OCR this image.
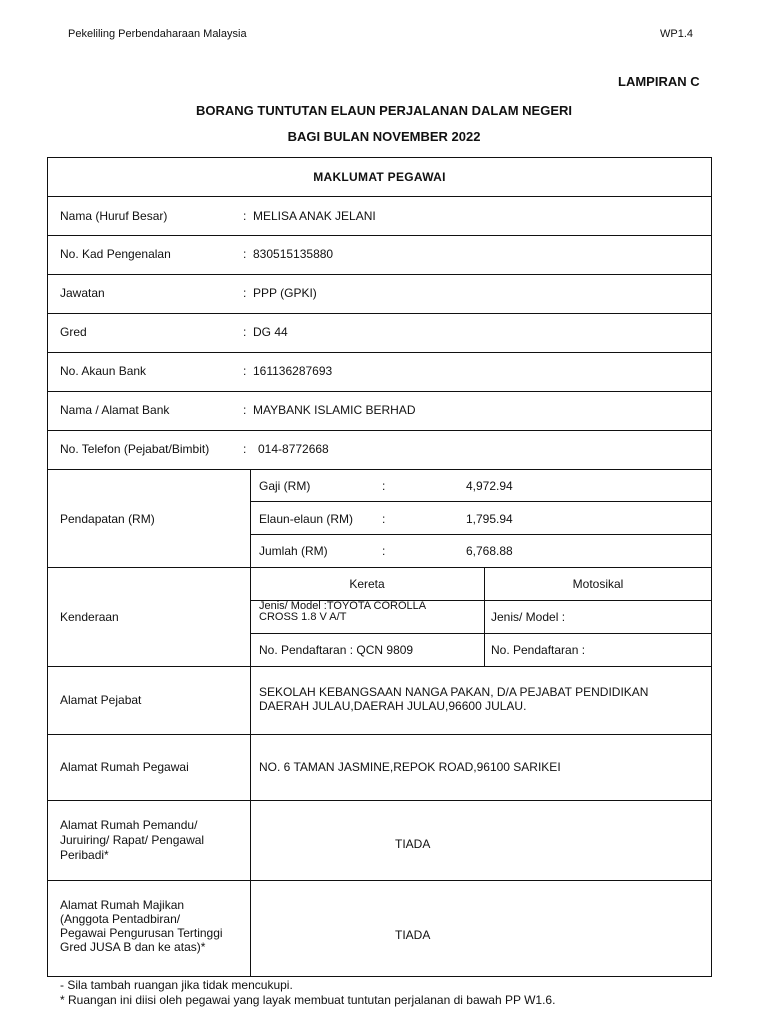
Pekeliling Perbendaharaan Malaysia	WP1.4
LAMPIRAN C
BORANG TUNTUTAN ELAUN PERJALANAN DALAM NEGERI
BAGI BULAN NOVEMBER 2022
MAKLUMAT PEGAWAI
Nama (Huruf Besar)	: MELISA ANAK JELANI
No. Kad Pengenalan	: 830515135880
Jawatan	: PPP (GPKI)
Gred	: DG 44
No. Akaun Bank	: 161136287693
Nama / Alamat Bank	: MAYBANK ISLAMIC BERHAD
No. Telefon (Pejabat/Bimbit)	: 014-8772668
Pendapatan (RM)
Gaji (RM)	:	4,972.94
Elaun-elaun (RM) :	1,795.94
Jumlah (RM)	:	6,768.88
Kenderaan
Kereta	Motosikal
Jenis/ Model :TOYOTA COROLLA
CROSS 1.8 V A/T	Jenis/ Model :
No. Pendaftaran : QCN 9809	No. Pendaftaran :
Alamat Pejabat
SEKOLAH KEBANGSAAN NANGA PAKAN, D/A PEJABAT PENDIDIKAN
DAERAH JULAU,DAERAH JULAU,96600 JULAU.
Alamat Rumah Pegawai	NO. 6 TAMAN JASMINE,REPOK ROAD,96100 SARIKEI
Alamat Rumah Pemandu/
Juruiring/ Rapat/ Pengawal
Peribadi*
TIADA
Alamat Rumah Majikan
(Anggota Pentadbiran/
Pegawai Pengurusan Tertinggi
Gred JUSA B dan ke atas)*
TIADA
- Sila tambah ruangan jika tidak mencukupi.
* Ruangan ini diisi oleh pegawai yang layak membuat tuntutan perjalanan di bawah PP W1.6.
